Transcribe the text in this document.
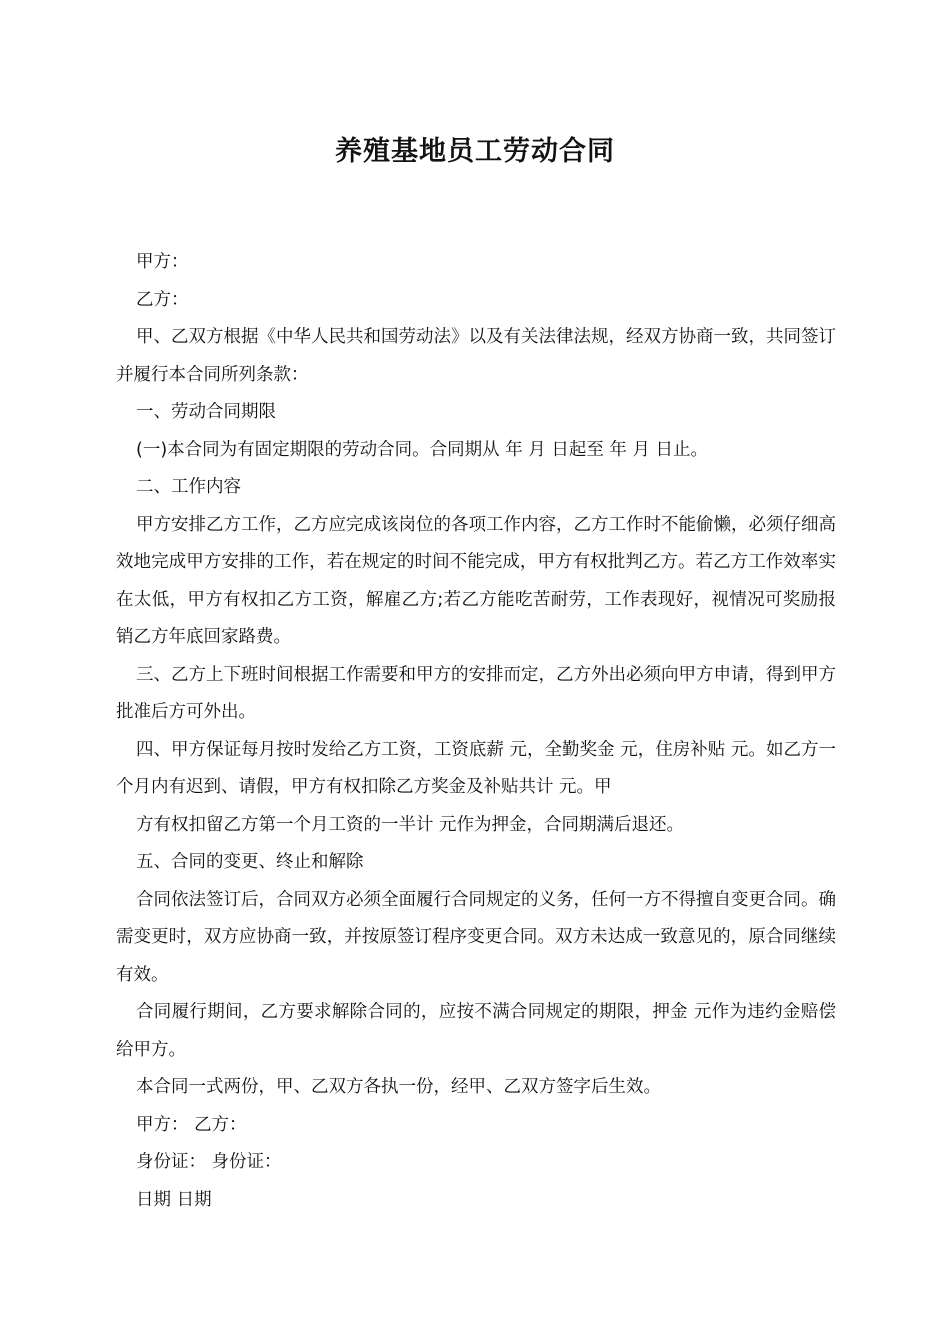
养殖基地员工劳动合同

甲方：

乙方：

甲、乙双方根据《中华人民共和国劳动法》以及有关法律法规，经双方协商一致，共同签订并履行本合同所列条款：

一、劳动合同期限

(一)本合同为有固定期限的劳动合同。合同期从 年 月 日起至 年 月 日止。

二、工作内容

甲方安排乙方工作，乙方应完成该岗位的各项工作内容，乙方工作时不能偷懒，必须仔细高效地完成甲方安排的工作，若在规定的时间不能完成，甲方有权批判乙方。若乙方工作效率实在太低，甲方有权扣乙方工资，解雇乙方;若乙方能吃苦耐劳，工作表现好，视情况可奖励报销乙方年底回家路费。

三、乙方上下班时间根据工作需要和甲方的安排而定，乙方外出必须向甲方申请，得到甲方批准后方可外出。

四、甲方保证每月按时发给乙方工资，工资底薪 元，全勤奖金 元，住房补贴 元。如乙方一个月内有迟到、请假，甲方有权扣除乙方奖金及补贴共计 元。甲

方有权扣留乙方第一个月工资的一半计 元作为押金，合同期满后退还。

五、合同的变更、终止和解除

合同依法签订后，合同双方必须全面履行合同规定的义务，任何一方不得擅自变更合同。确需变更时，双方应协商一致，并按原签订程序变更合同。双方未达成一致意见的，原合同继续有效。

合同履行期间，乙方要求解除合同的，应按不满合同规定的期限，押金 元作为违约金赔偿给甲方。

本合同一式两份，甲、乙双方各执一份，经甲、乙双方签字后生效。

甲方： 乙方：

身份证： 身份证：

日期 日期
